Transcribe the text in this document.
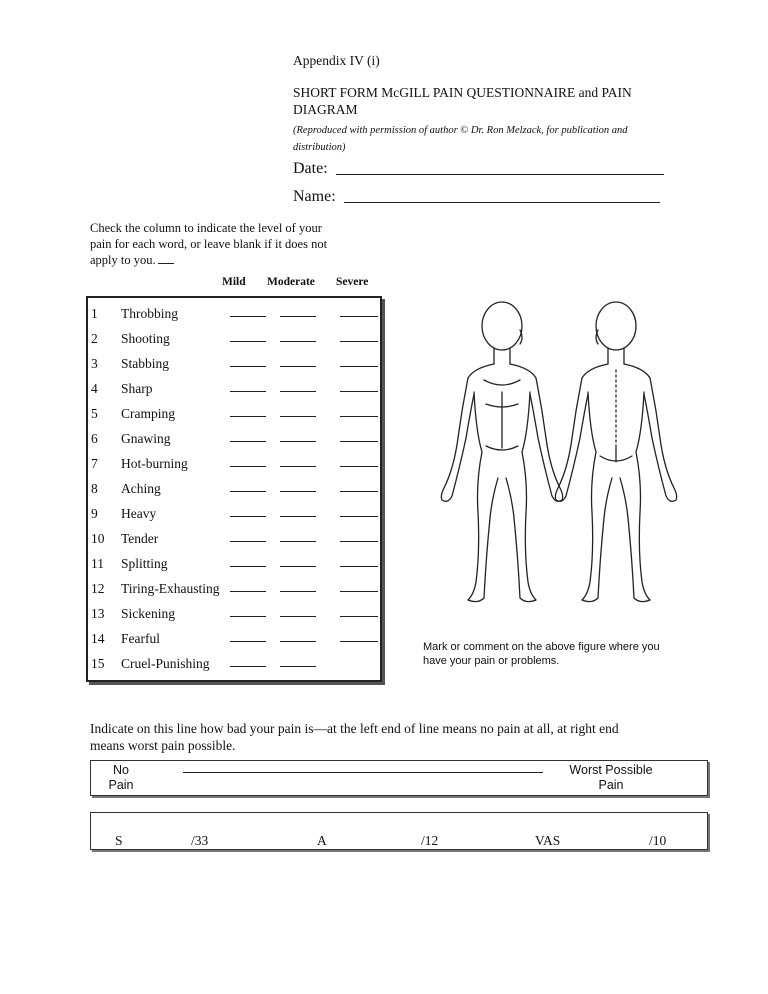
Appendix IV (i)
SHORT FORM McGILL PAIN QUESTIONNAIRE and PAIN
DIAGRAM
(Reproduced with permission of author © Dr. Ron Melzack, for publication and
distribution)
Date:
Name:
Check the column to indicate the level of your
pain for each word, or leave blank if it does not
apply to you.
Mild Moderate Severe
1 Throbbing
2 Shooting
3 Stabbing
4 Sharp
5 Cramping
6 Gnawing
7 Hot-burning
8 Aching
9 Heavy
10 Tender
11 Splitting
12 Tiring-Exhausting
13 Sickening
14 Fearful
15 Cruel-Punishing
Mark or comment on the above figure where you
have your pain or problems.
Indicate on this line how bad your pain is—at the left end of line means no pain at all, at right end
means worst pain possible.
No
Pain
Worst Possible
Pain
S	/33	A	/12	VAS	/10
